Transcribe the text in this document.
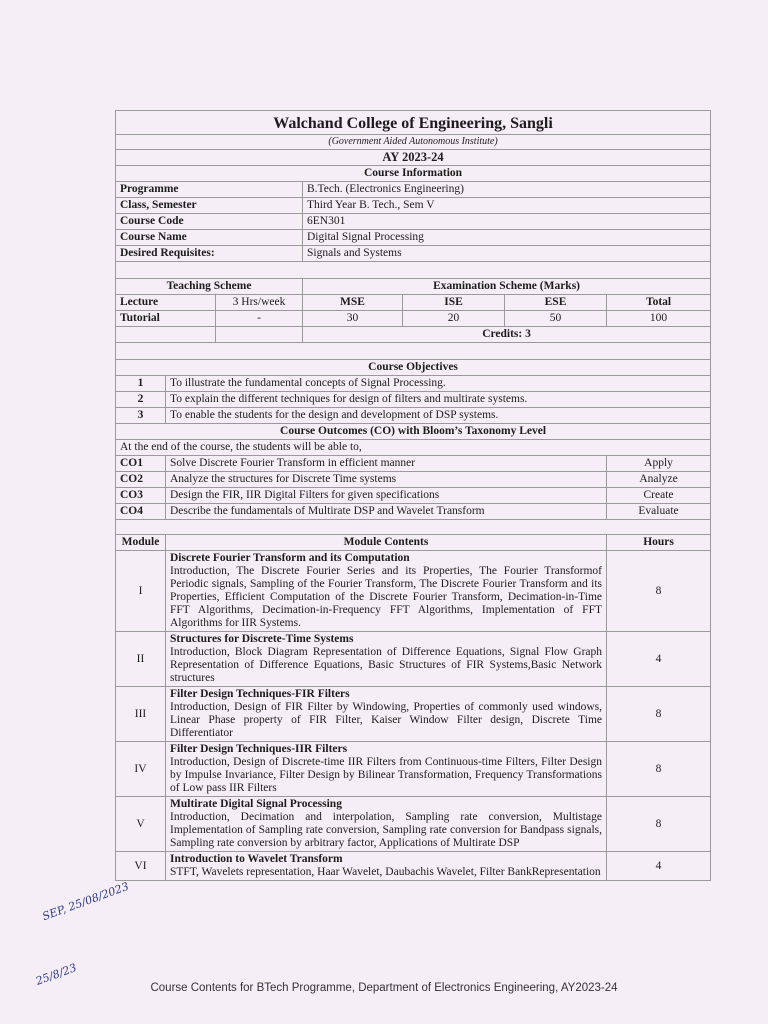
Walchand College of Engineering, Sangli						
(Government Aided Autonomous Institute)						
AY 2023-24						
Course Information						
Programme			B.Tech. (Electronics Engineering)			
Class, Semester			Third Year B. Tech., Sem V			
Course Code			6EN301			
Course Name			Digital Signal Processing			
Desired Requisites:			Signals and Systems			

Teaching Scheme			Examination Scheme (Marks)			
Lecture		3 Hrs/week	MSE	ISE	ESE	Total
Tutorial		-	30	20	50	100
			Credits: 3			

Course Objectives						
1	To illustrate the fundamental concepts of Signal Processing.					
2	To explain the different techniques for design of filters and multirate systems.					
3	To enable the students for the design and development of DSP systems.					
Course Outcomes (CO) with Bloom’s Taxonomy Level						
At the end of the course, the students will be able to,						
CO1	Solve Discrete Fourier Transform in efficient manner					Apply
CO2	Analyze the structures for Discrete Time systems					Analyze
CO3	Design the FIR, IIR Digital Filters for given specifications					Create
CO4	Describe the fundamentals of Multirate DSP and Wavelet Transform					Evaluate

Module	Module Contents					Hours
I	Discrete Fourier Transform and its Computation
Introduction, The Discrete Fourier Series and its Properties, The Fourier Transformof Periodic signals, Sampling of the Fourier Transform, The Discrete Fourier Transform and its Properties, Efficient Computation of the Discrete Fourier Transform, Decimation-in-Time FFT Algorithms, Decimation-in-Frequency FFT Algorithms, Implementation of FFT Algorithms for IIR Systems.					8
II	Structures for Discrete-Time Systems
Introduction, Block Diagram Representation of Difference Equations, Signal Flow Graph Representation of Difference Equations, Basic Structures of FIR Systems,Basic Network structures					4
III	Filter Design Techniques-FIR Filters
Introduction, Design of FIR Filter by Windowing, Properties of commonly used windows, Linear Phase property of FIR Filter, Kaiser Window Filter design, Discrete Time Differentiator					8
IV	Filter Design Techniques-IIR Filters
Introduction, Design of Discrete-time IIR Filters from Continuous-time Filters, Filter Design by Impulse Invariance, Filter Design by Bilinear Transformation, Frequency Transformations of Low pass IIR Filters					8
V	Multirate Digital Signal Processing
Introduction, Decimation and interpolation, Sampling rate conversion, Multistage Implementation of Sampling rate conversion, Sampling rate conversion for Bandpass signals, Sampling rate conversion by arbitrary factor, Applications of Multirate DSP					8
VI	Introduction to Wavelet Transform
STFT, Wavelets representation, Haar Wavelet, Daubachis Wavelet, Filter BankRepresentation					4
SEP, 25/08/2023
25/8/23
Course Contents for BTech Programme, Department of Electronics Engineering, AY2023-24
